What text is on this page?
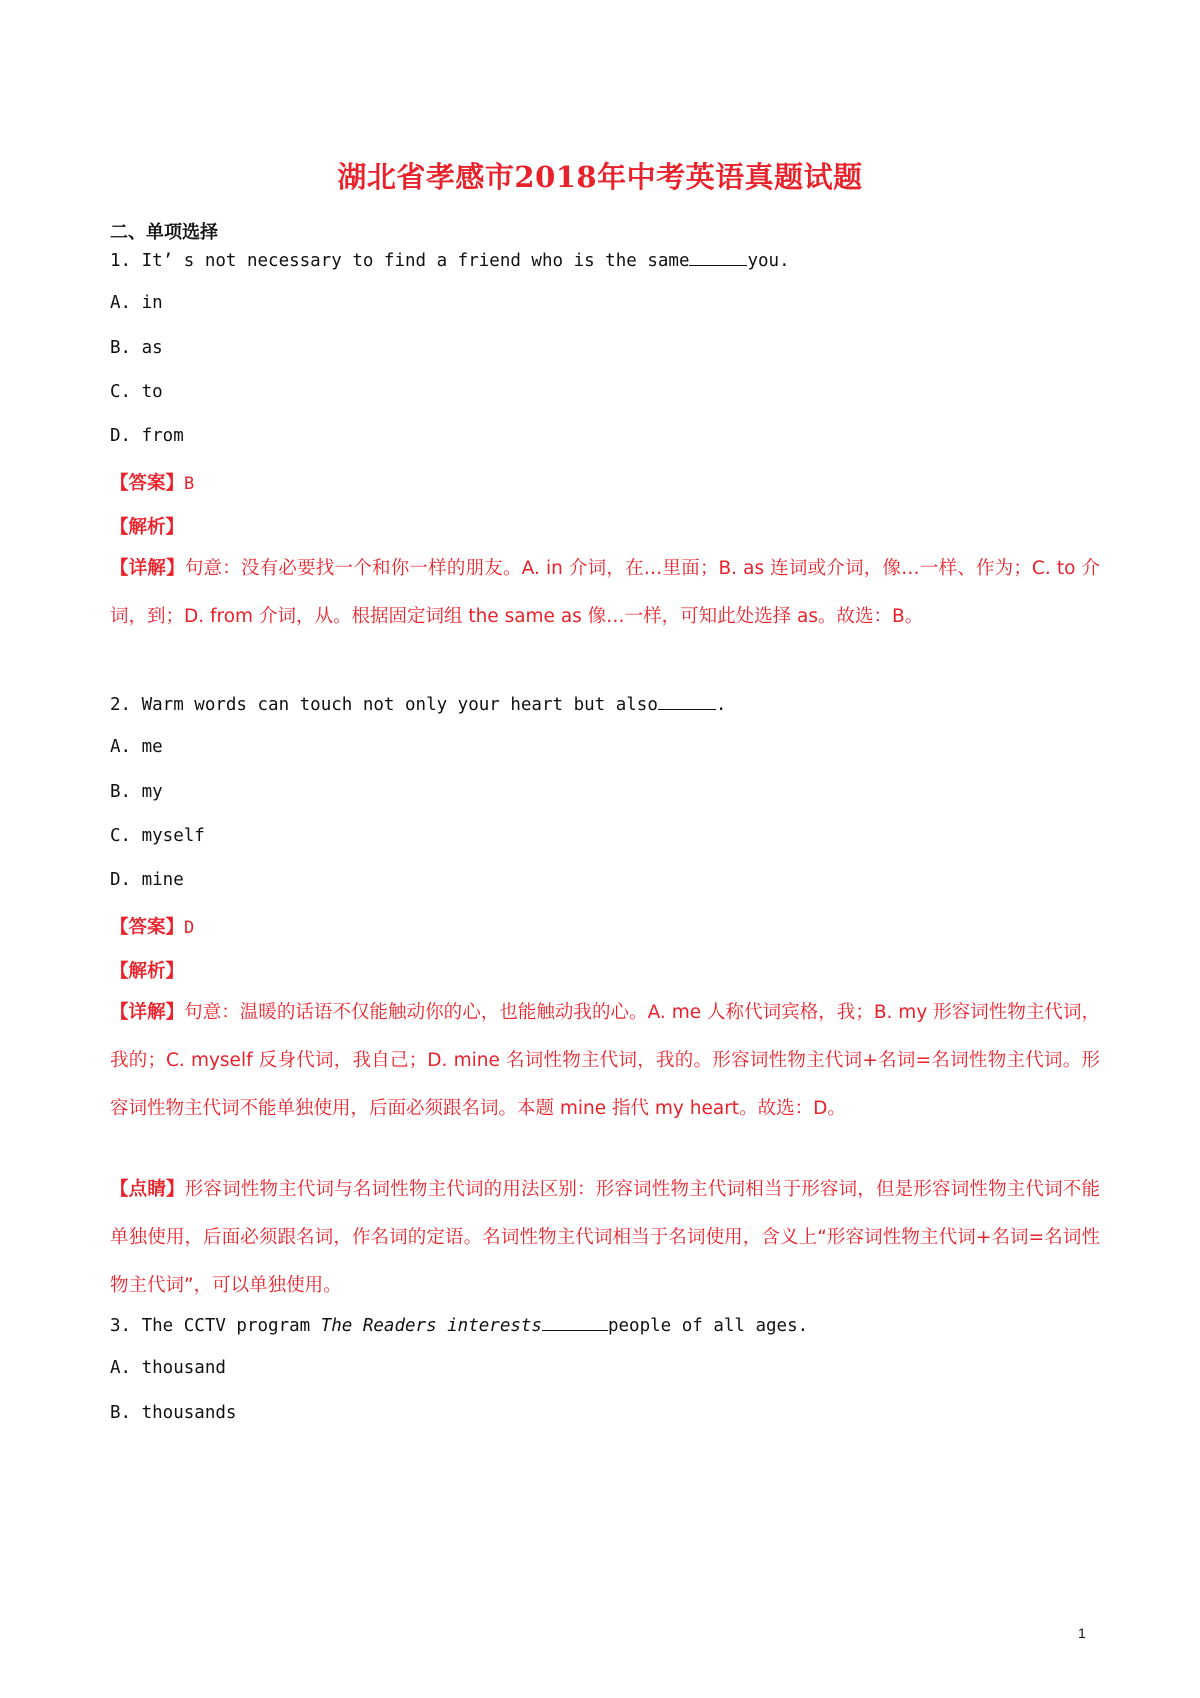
湖北省孝感市2018年中考英语真题试题

二、单项选择

1. It’ s not necessary to find a friend who is the same	you.

A. in

B. as

C. to

D. from

【答案】B

【解析】

【详解】句意：没有必要找一个和你一样的朋友。A. in 介词，在…里面；B. as 连词或介词，像…一样、作为；C. to 介词，到；D. from 介词，从。根据固定词组 the same as 像…一样，可知此处选择 as。故选：B。

2. Warm words can touch not only your heart but also	.

A. me

B. my

C. myself

D. mine

【答案】D

【解析】

【详解】句意：温暖的话语不仅能触动你的心，也能触动我的心。A. me 人称代词宾格，我；B. my 形容词性物主代词，我的；C. myself 反身代词，我自己；D. mine 名词性物主代词，我的。形容词性物主代词+名词=名词性物主代词。形容词性物主代词不能单独使用，后面必须跟名词。本题 mine 指代 my heart。故选：D。

【点睛】形容词性物主代词与名词性物主代词的用法区别：形容词性物主代词相当于形容词，但是形容词性物主代词不能单独使用，后面必须跟名词，作名词的定语。名词性物主代词相当于名词使用，含义上“形容词性物主代词+名词=名词性物主代词”，可以单独使用。

3. The CCTV program The Readers interests	people of all ages.

A. thousand

B. thousands

1
